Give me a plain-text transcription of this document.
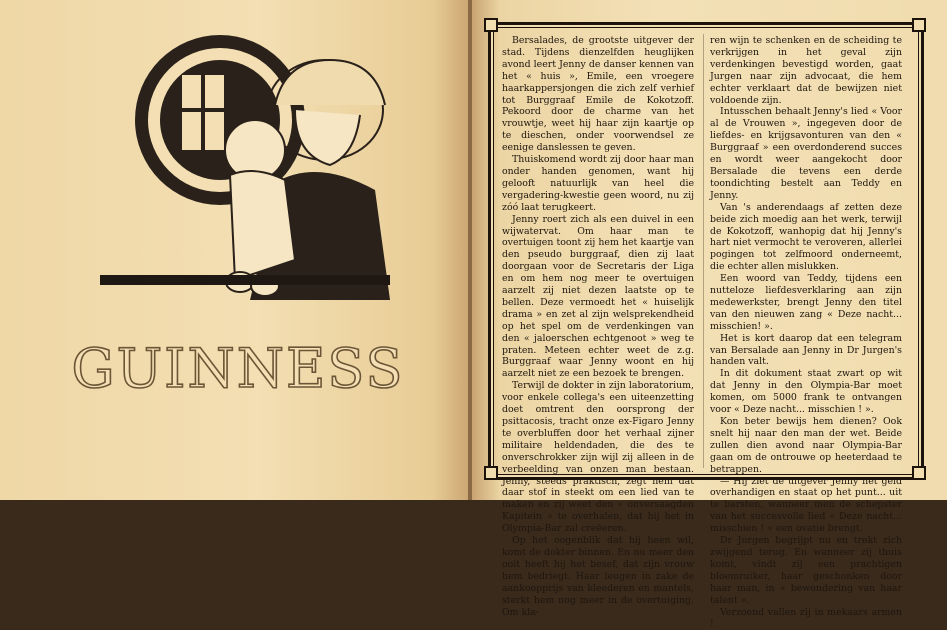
GUINNESS

Bersalades, de grootste uitgever der stad. Tijdens dienzelfden heuglijken avond leert Jenny de danser kennen van het « huis », Emile, een vroegere haarkappersjongen die zich zelf verhief tot Burggraaf Emile de Kokotzoff. Pekoord door de charme van het vrouwtje, weet hij haar zijn kaartje op te dieschen, onder voorwendsel ze eenige danslessen te geven.

Thuiskomend wordt zij door haar man onder handen genomen, want hij gelooft natuurlijk van heel die vergadering-kwestie geen woord, nu zij zóó laat terugkeert.

Jenny roert zich als een duivel in een wijwatervat. Om haar man te overtuigen toont zij hem het kaartje van den pseudo burggraaf, dien zij laat doorgaan voor de Secretaris der Liga en om hem nog meer te overtuigen aarzelt zij niet dezen laatste op te bellen. Deze vermoedt het « huiselijk drama » en zet al zijn welsprekendheid op het spel om de verdenkingen van den « jaloerschen echtgenoot » weg te praten. Meteen echter weet de z.g. Burggraaf waar Jenny woont en hij aarzelt niet ze een bezoek te brengen.

Terwijl de dokter in zijn laboratorium, voor enkele collega's een uiteenzetting doet omtrent den oorsprong der psittacosis, tracht onze ex-Figaro Jenny te overbluffen door het verhaal zijner militaire heldendaden, die des te onverschrokker zijn wijl zij alleen in de verbeelding van onzen man bestaan. Jenny, steeds praktisch, zegt hem dat daar stof in steekt om een lied van te maken en zij weet den « onversaagden Kapitein » te overhalen, dat hij het in Olympia-Bar zal creëeren.

Op het oogenblik dat hij heen wil, komt de dokter binnen. En nu meer den ooit heeft hij het besef, dat zijn vrouw hem bedriegt. Haar leugen in zake de aankoopprijs van kleederen en mantels, sterkt hem nog meer in de overtuiging. Om kla-

ren wijn te schenken en de scheiding te verkrijgen in het geval zijn verdenkingen bevestigd worden, gaat Jurgen naar zijn advocaat, die hem echter verklaart dat de bewijzen niet voldoende zijn.

Intusschen behaalt Jenny's lied « Voor al de Vrouwen », ingegeven door de liefdes- en krijgsavonturen van den « Burggraaf » een overdonderend succes en wordt weer aangekocht door Bersalade die tevens een derde toondichting bestelt aan Teddy en Jenny.

Van 's anderendaags af zetten deze beide zich moedig aan het werk, terwijl de Kokotzoff, wanhopig dat hij Jenny's hart niet vermocht te veroveren, allerlei pogingen tot zelfmoord onderneemt, die echter allen mislukken.

Een woord van Teddy, tijdens een nutteloze liefdesverklaring aan zijn medewerkster, brengt Jenny den titel van den nieuwen zang « Deze nacht... misschien! ».

Het is kort daarop dat een telegram van Bersalade aan Jenny in Dr Jurgen's handen valt.

In dit dokument staat zwart op wit dat Jenny in den Olympia-Bar moet komen, om 5000 frank te ontvangen voor « Deze nacht... misschien ! ».

Kon beter bewijs hem dienen? Ook snelt hij naar den man der wet. Beide zullen dien avond naar Olympia-Bar gaan om de ontrouwe op heeterdaad te betrappen.

— Hij ziet de uitgever Jenny het geld overhandigen en staat op het punt... uit te barsten, wanneer men de schepster van het succesvolle lied « Deze nacht... misschien ! » een ovatie brengt.

Dr Jurgen begrijpt nu en trekt zich zwijgend terug. En wanneer zij thuis komt, vindt zij een prachtigen bloemruiker, haar geschonken door haar man, in « bewondering van haar talent ».

Verzoend vallen zij in mekaars armen !
